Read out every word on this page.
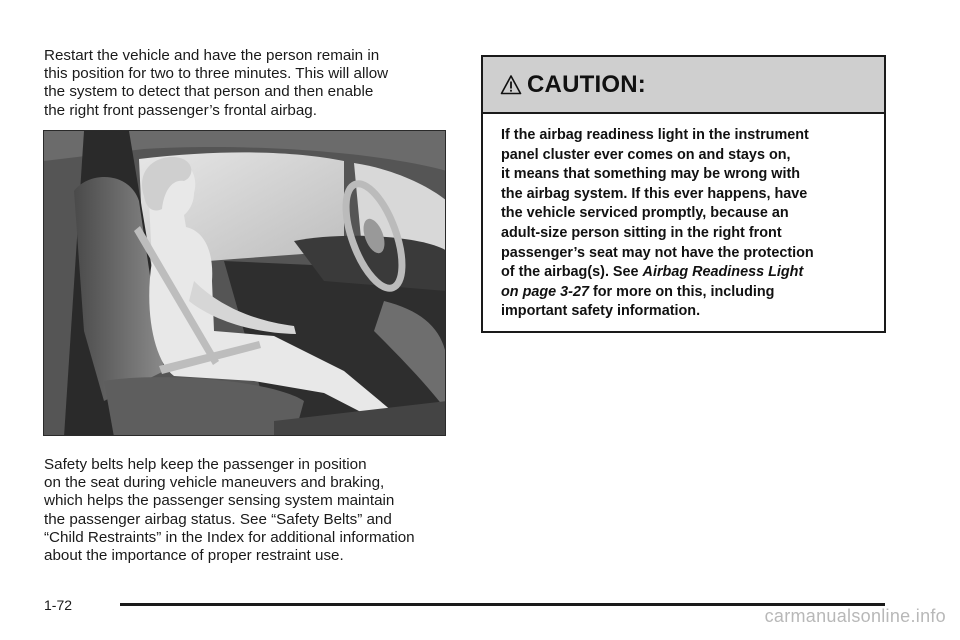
Restart the vehicle and have the person remain in
this position for two to three minutes. This will allow
the system to detect that person and then enable
the right front passenger’s frontal airbag.

Safety belts help keep the passenger in position
on the seat during vehicle maneuvers and braking,
which helps the passenger sensing system maintain
the passenger airbag status. See “Safety Belts” and
“Child Restraints” in the Index for additional information
about the importance of proper restraint use.

CAUTION:
If the airbag readiness light in the instrument
panel cluster ever comes on and stays on,
it means that something may be wrong with
the airbag system. If this ever happens, have
the vehicle serviced promptly, because an
adult-size person sitting in the right front
passenger’s seat may not have the protection
of the airbag(s). See Airbag Readiness Light
on page 3-27 for more on this, including
important safety information.
1-72
carmanualsonline.info
